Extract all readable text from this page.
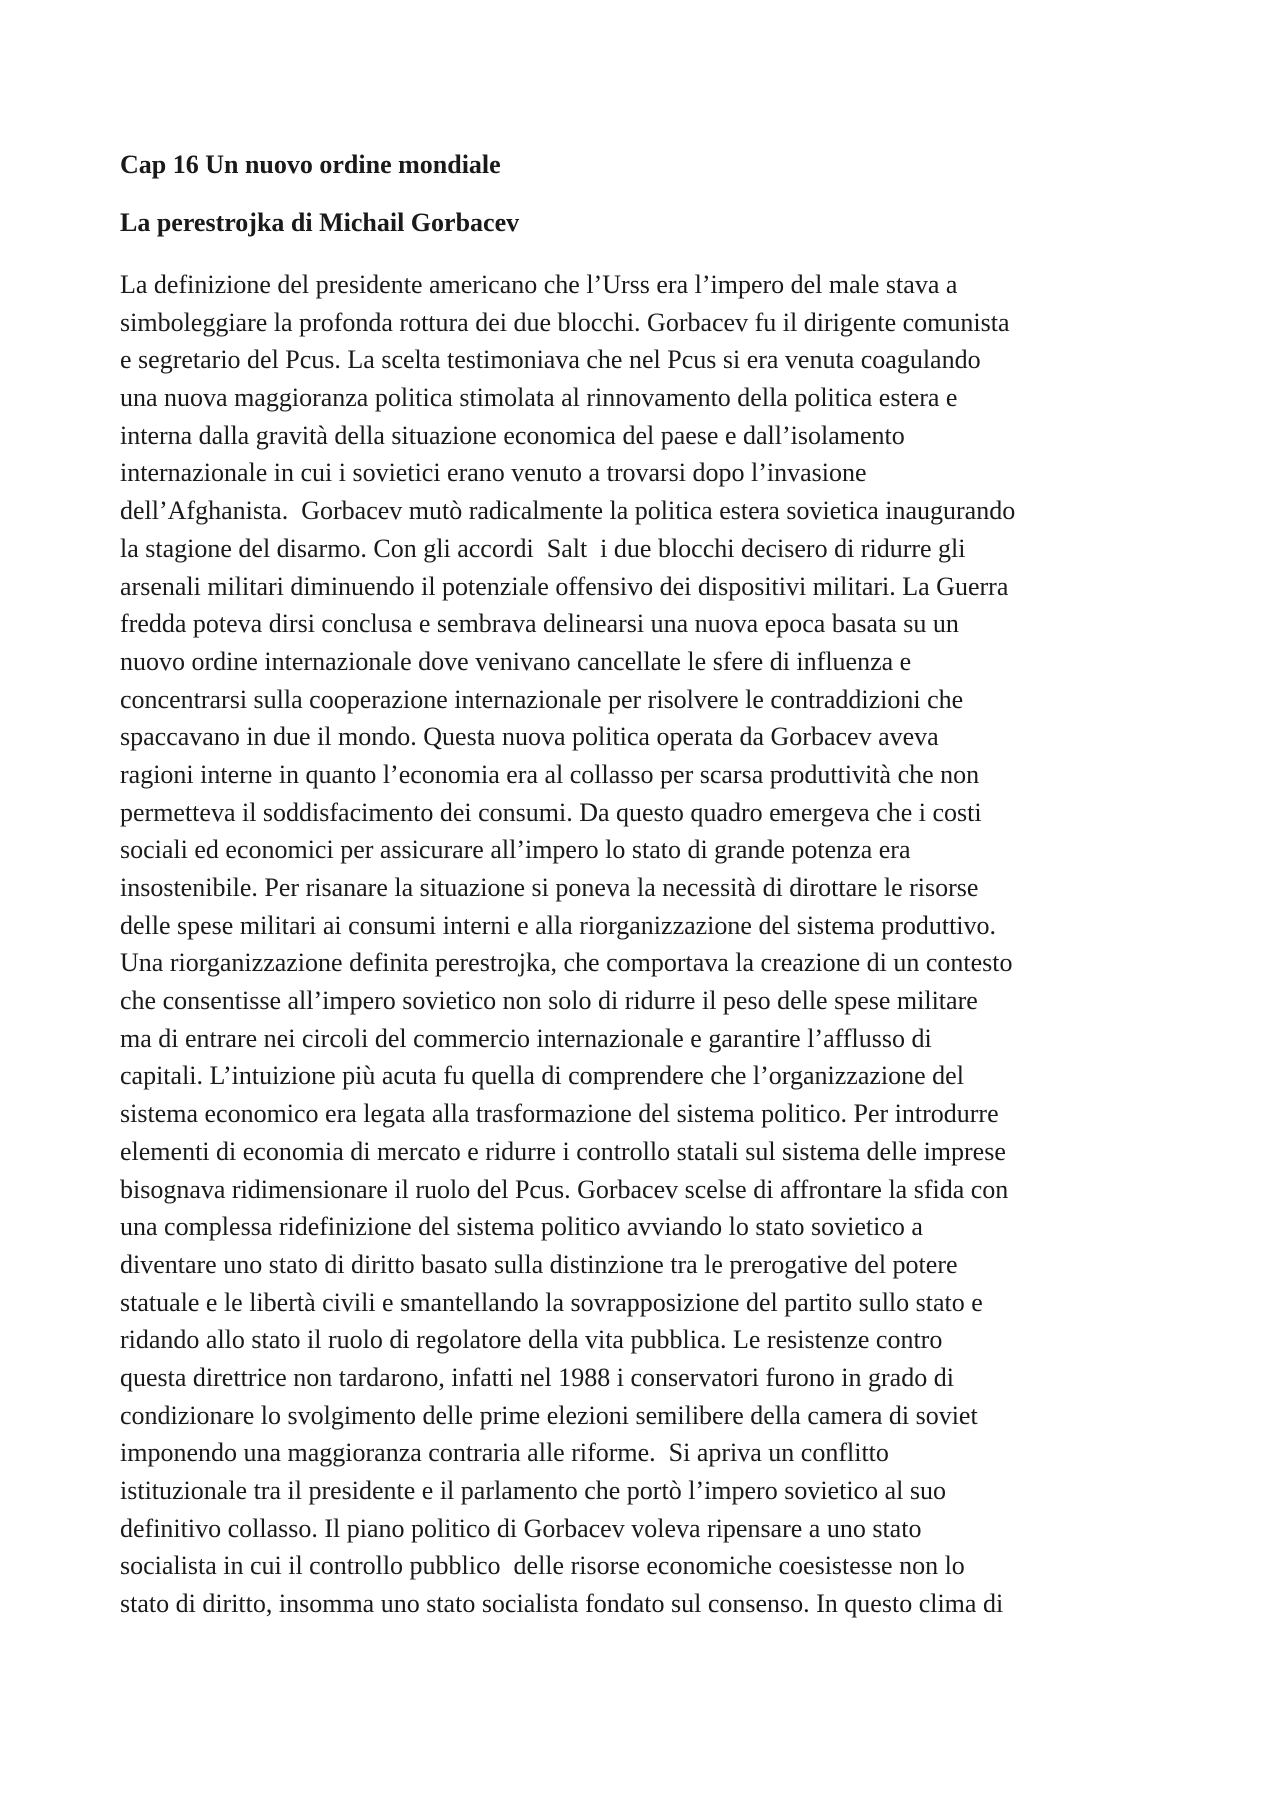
Cap 16 Un nuovo ordine mondiale
La perestrojka di Michail Gorbacev
La definizione del presidente americano che l’Urss era l’impero del male stava a
simboleggiare la profonda rottura dei due blocchi. Gorbacev fu il dirigente comunista
e segretario del Pcus. La scelta testimoniava che nel Pcus si era venuta coagulando
una nuova maggioranza politica stimolata al rinnovamento della politica estera e
interna dalla gravità della situazione economica del paese e dall’isolamento
internazionale in cui i sovietici erano venuto a trovarsi dopo l’invasione
dell’Afghanista.  Gorbacev mutò radicalmente la politica estera sovietica inaugurando
la stagione del disarmo. Con gli accordi  Salt  i due blocchi decisero di ridurre gli
arsenali militari diminuendo il potenziale offensivo dei dispositivi militari. La Guerra
fredda poteva dirsi conclusa e sembrava delinearsi una nuova epoca basata su un
nuovo ordine internazionale dove venivano cancellate le sfere di influenza e
concentrarsi sulla cooperazione internazionale per risolvere le contraddizioni che
spaccavano in due il mondo. Questa nuova politica operata da Gorbacev aveva
ragioni interne in quanto l’economia era al collasso per scarsa produttività che non
permetteva il soddisfacimento dei consumi. Da questo quadro emergeva che i costi
sociali ed economici per assicurare all’impero lo stato di grande potenza era
insostenibile. Per risanare la situazione si poneva la necessità di dirottare le risorse
delle spese militari ai consumi interni e alla riorganizzazione del sistema produttivo.
Una riorganizzazione definita perestrojka, che comportava la creazione di un contesto
che consentisse all’impero sovietico non solo di ridurre il peso delle spese militare
ma di entrare nei circoli del commercio internazionale e garantire l’afflusso di
capitali. L’intuizione più acuta fu quella di comprendere che l’organizzazione del
sistema economico era legata alla trasformazione del sistema politico. Per introdurre
elementi di economia di mercato e ridurre i controllo statali sul sistema delle imprese
bisognava ridimensionare il ruolo del Pcus. Gorbacev scelse di affrontare la sfida con
una complessa ridefinizione del sistema politico avviando lo stato sovietico a
diventare uno stato di diritto basato sulla distinzione tra le prerogative del potere
statuale e le libertà civili e smantellando la sovrapposizione del partito sullo stato e
ridando allo stato il ruolo di regolatore della vita pubblica. Le resistenze contro
questa direttrice non tardarono, infatti nel 1988 i conservatori furono in grado di
condizionare lo svolgimento delle prime elezioni semilibere della camera di soviet
imponendo una maggioranza contraria alle riforme.  Si apriva un conflitto
istituzionale tra il presidente e il parlamento che portò l’impero sovietico al suo
definitivo collasso. Il piano politico di Gorbacev voleva ripensare a uno stato
socialista in cui il controllo pubblico  delle risorse economiche coesistesse non lo
stato di diritto, insomma uno stato socialista fondato sul consenso. In questo clima di
